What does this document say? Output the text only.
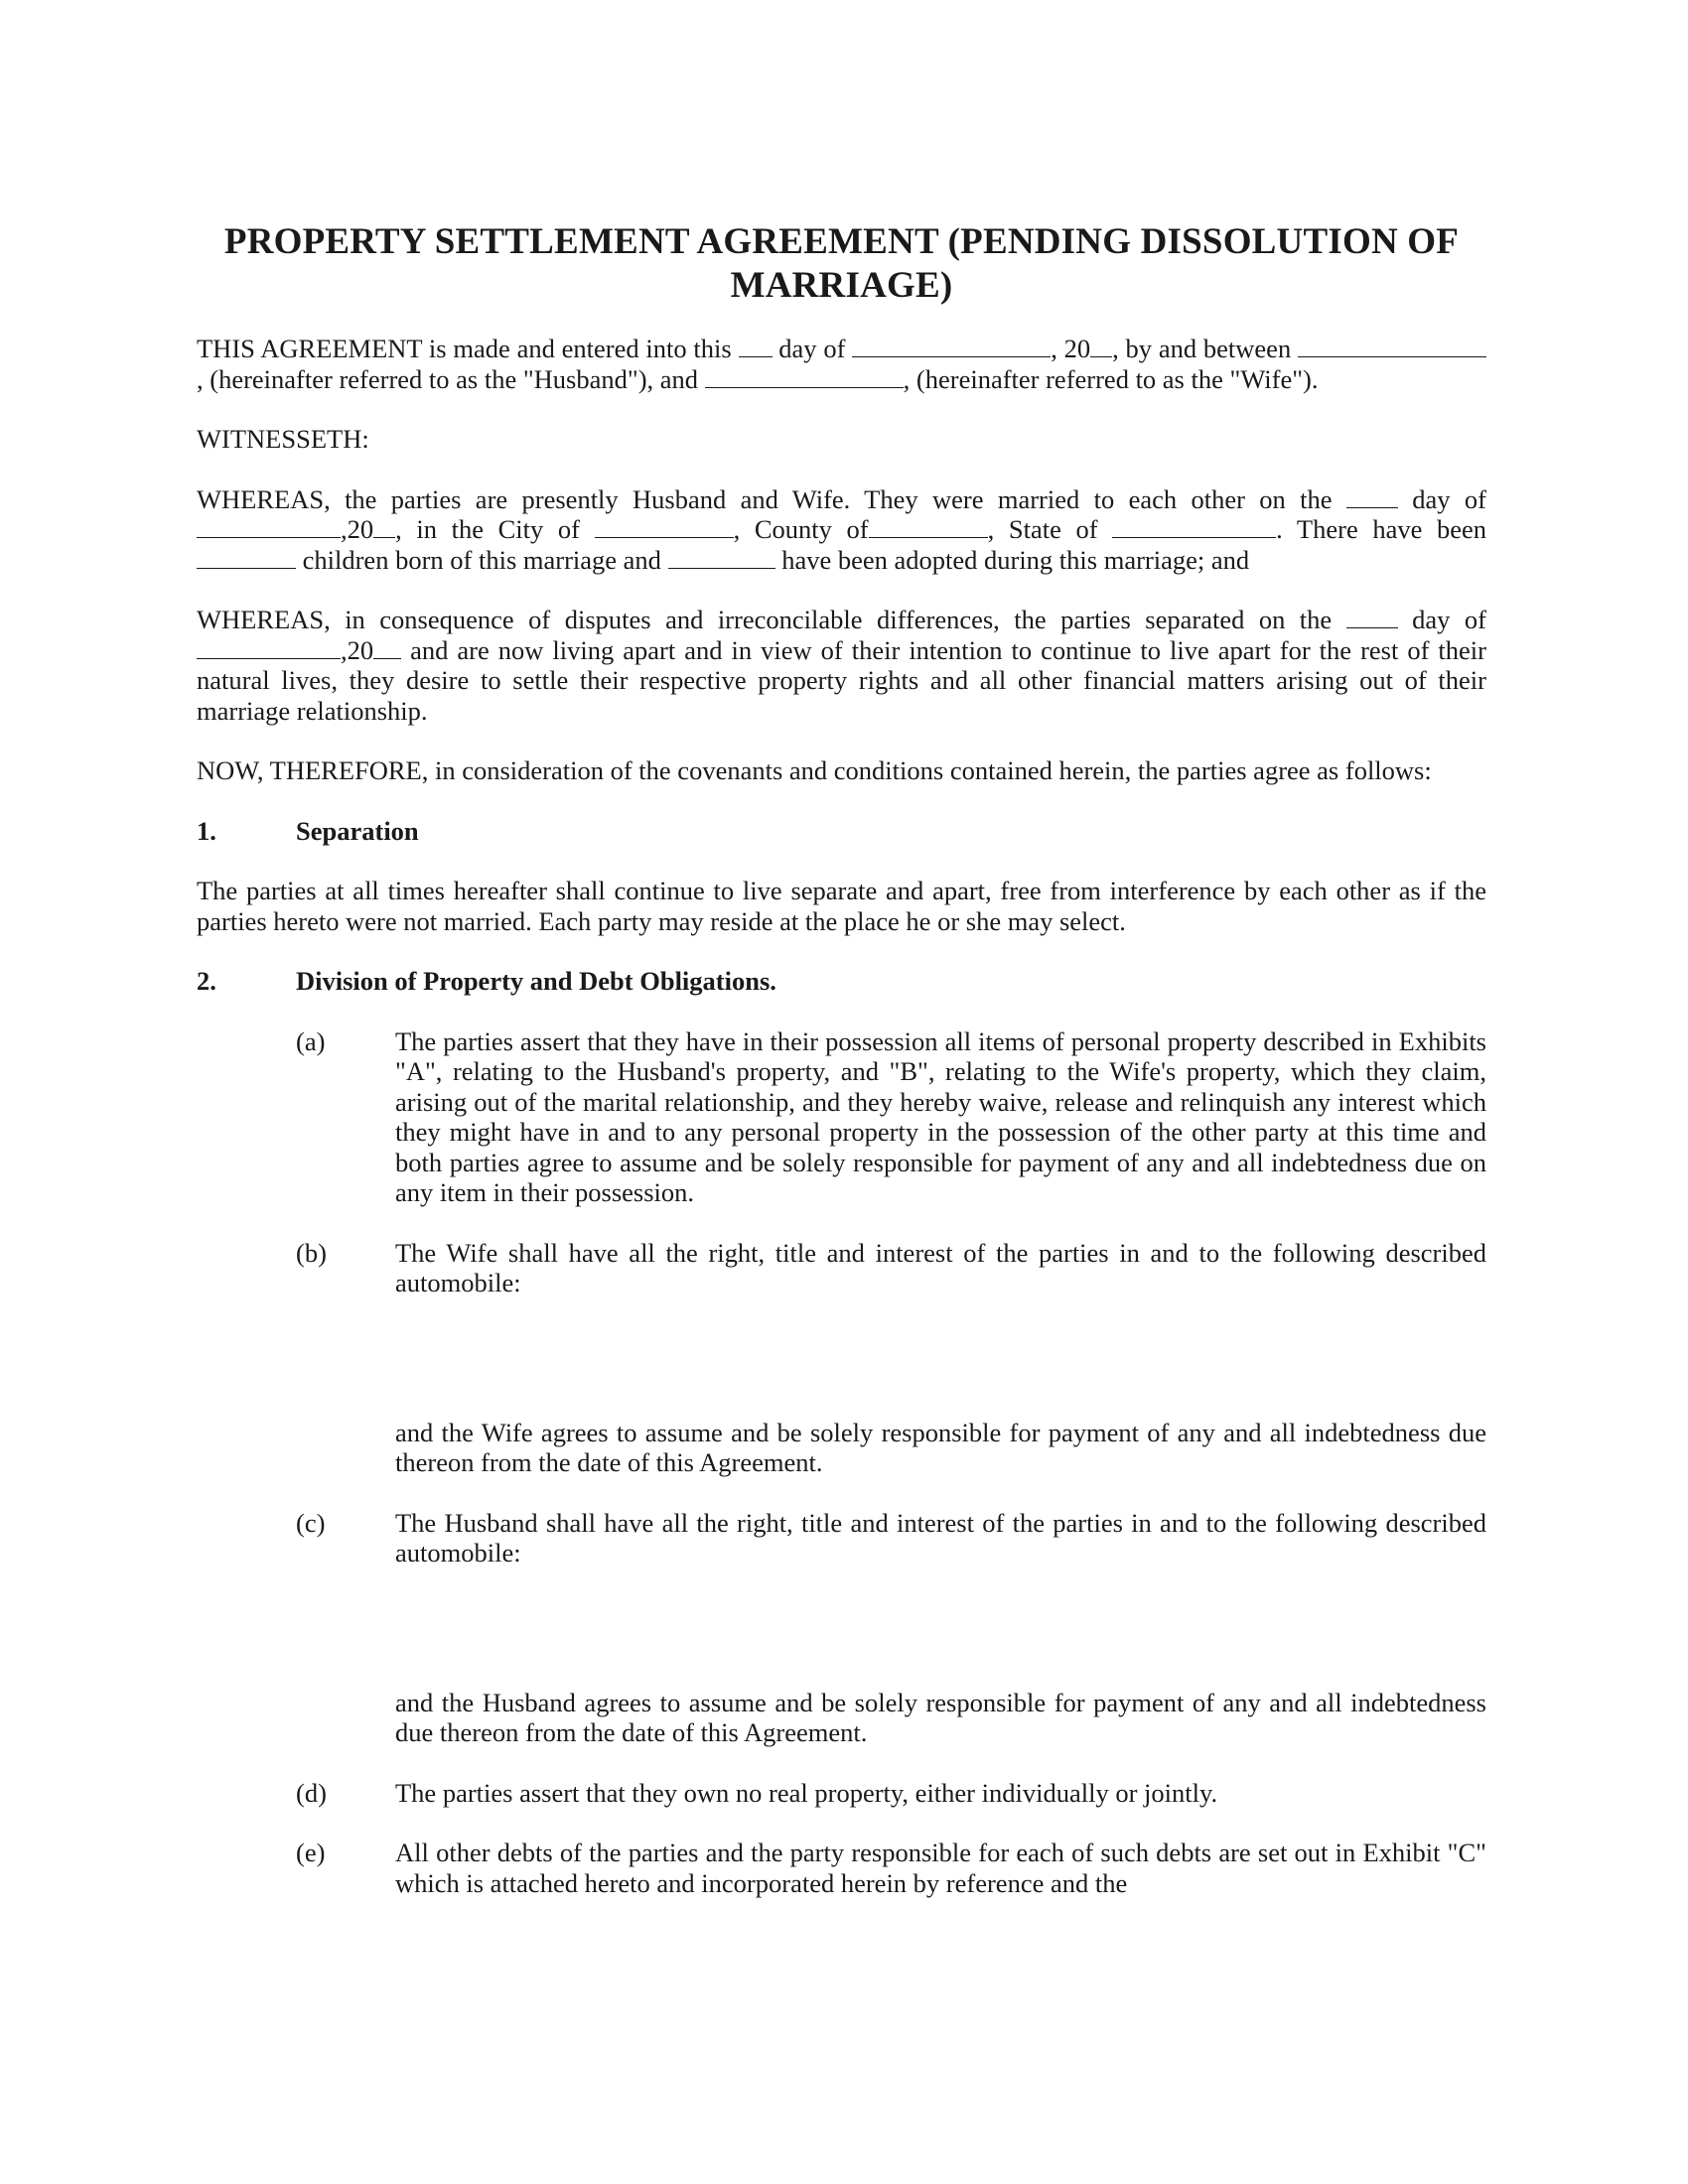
PROPERTY SETTLEMENT AGREEMENT (PENDING DISSOLUTION OF MARRIAGE)

THIS AGREEMENT is made and entered into this  day of	, 20 , by and between , (hereinafter referred to as the "Husband"), and	, (hereinafter referred to as the "Wife").

WITNESSETH:

WHEREAS, the parties are presently Husband and Wife. They were married to each other on the  day of,20 , in the City of	, County of	, State of	. There have been  children born of this marriage and	have been adopted during this marriage; and

WHEREAS, in consequence of disputes and irreconcilable differences, the parties separated on the  day of,20 and are now living apart and in view of their intention to continue to live apart for the rest of their natural lives, they desire to settle their respective property rights and all other financial matters arising out of their marriage relationship.

NOW, THEREFORE, in consideration of the covenants and conditions contained herein, the parties agree as follows:

1.	Separation

The parties at all times hereafter shall continue to live separate and apart, free from interference by each other as if the parties hereto were not married. Each party may reside at the place he or she may select.

2.	Division of Property and Debt Obligations.
(a)	The parties assert that they have in their possession all items of personal property described in Exhibits "A", relating to the Husband's property, and "B", relating to the Wife's property, which they claim, arising out of the marital relationship, and they hereby waive, release and relinquish any interest which they might have in and to any personal property in the possession of the other party at this time and both parties agree to assume and be solely responsible for payment of any and all indebtedness due on any item in their possession.
(b)	The Wife shall have all the right, title and interest of the parties in and to the following described automobile:
and the Wife agrees to assume and be solely responsible for payment of any and all indebtedness due thereon from the date of this Agreement.
(c)	The Husband shall have all the right, title and interest of the parties in and to the following described automobile:
and the Husband agrees to assume and be solely responsible for payment of any and all indebtedness due thereon from the date of this Agreement.
(d)	The parties assert that they own no real property, either individually or jointly.
(e)	All other debts of the parties and the party responsible for each of such debts are set out in Exhibit "C" which is attached hereto and incorporated herein by reference and the
